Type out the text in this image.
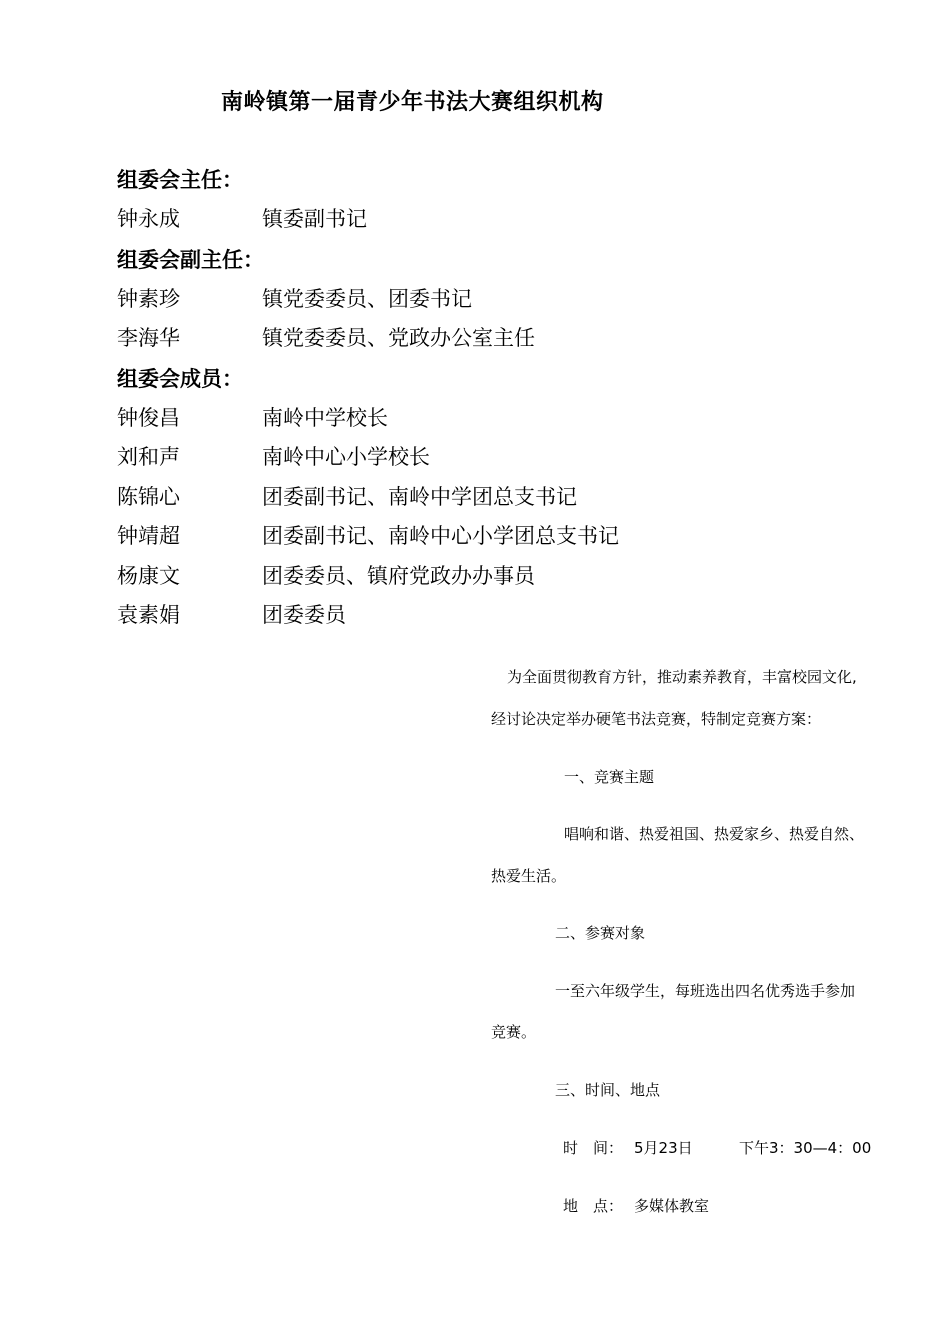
南岭镇第一届青少年书法大赛组织机构
组委会主任：
钟永成	镇委副书记
组委会副主任：
钟素珍	镇党委委员、团委书记
李海华	镇党委委员、党政办公室主任
组委会成员：
钟俊昌	南岭中学校长
刘和声	南岭中心小学校长
陈锦心	团委副书记、南岭中学团总支书记
钟靖超	团委副书记、南岭中心小学团总支书记
杨康文	团委委员、镇府党政办办事员
袁素娟	团委委员
为全面贯彻教育方针，推动素养教育，丰富校园文化,
经讨论决定举办硬笔书法竞赛，特制定竞赛方案：
一、竞赛主题
唱响和谐、热爱祖国、热爱家乡、热爱自然、
热爱生活。
二、参赛对象
一至六年级学生，每班选出四名优秀选手参加
竞赛。
三、时间、地点
时　间： 5月23日	下午3：30—4：00
地　点： 多媒体教室
